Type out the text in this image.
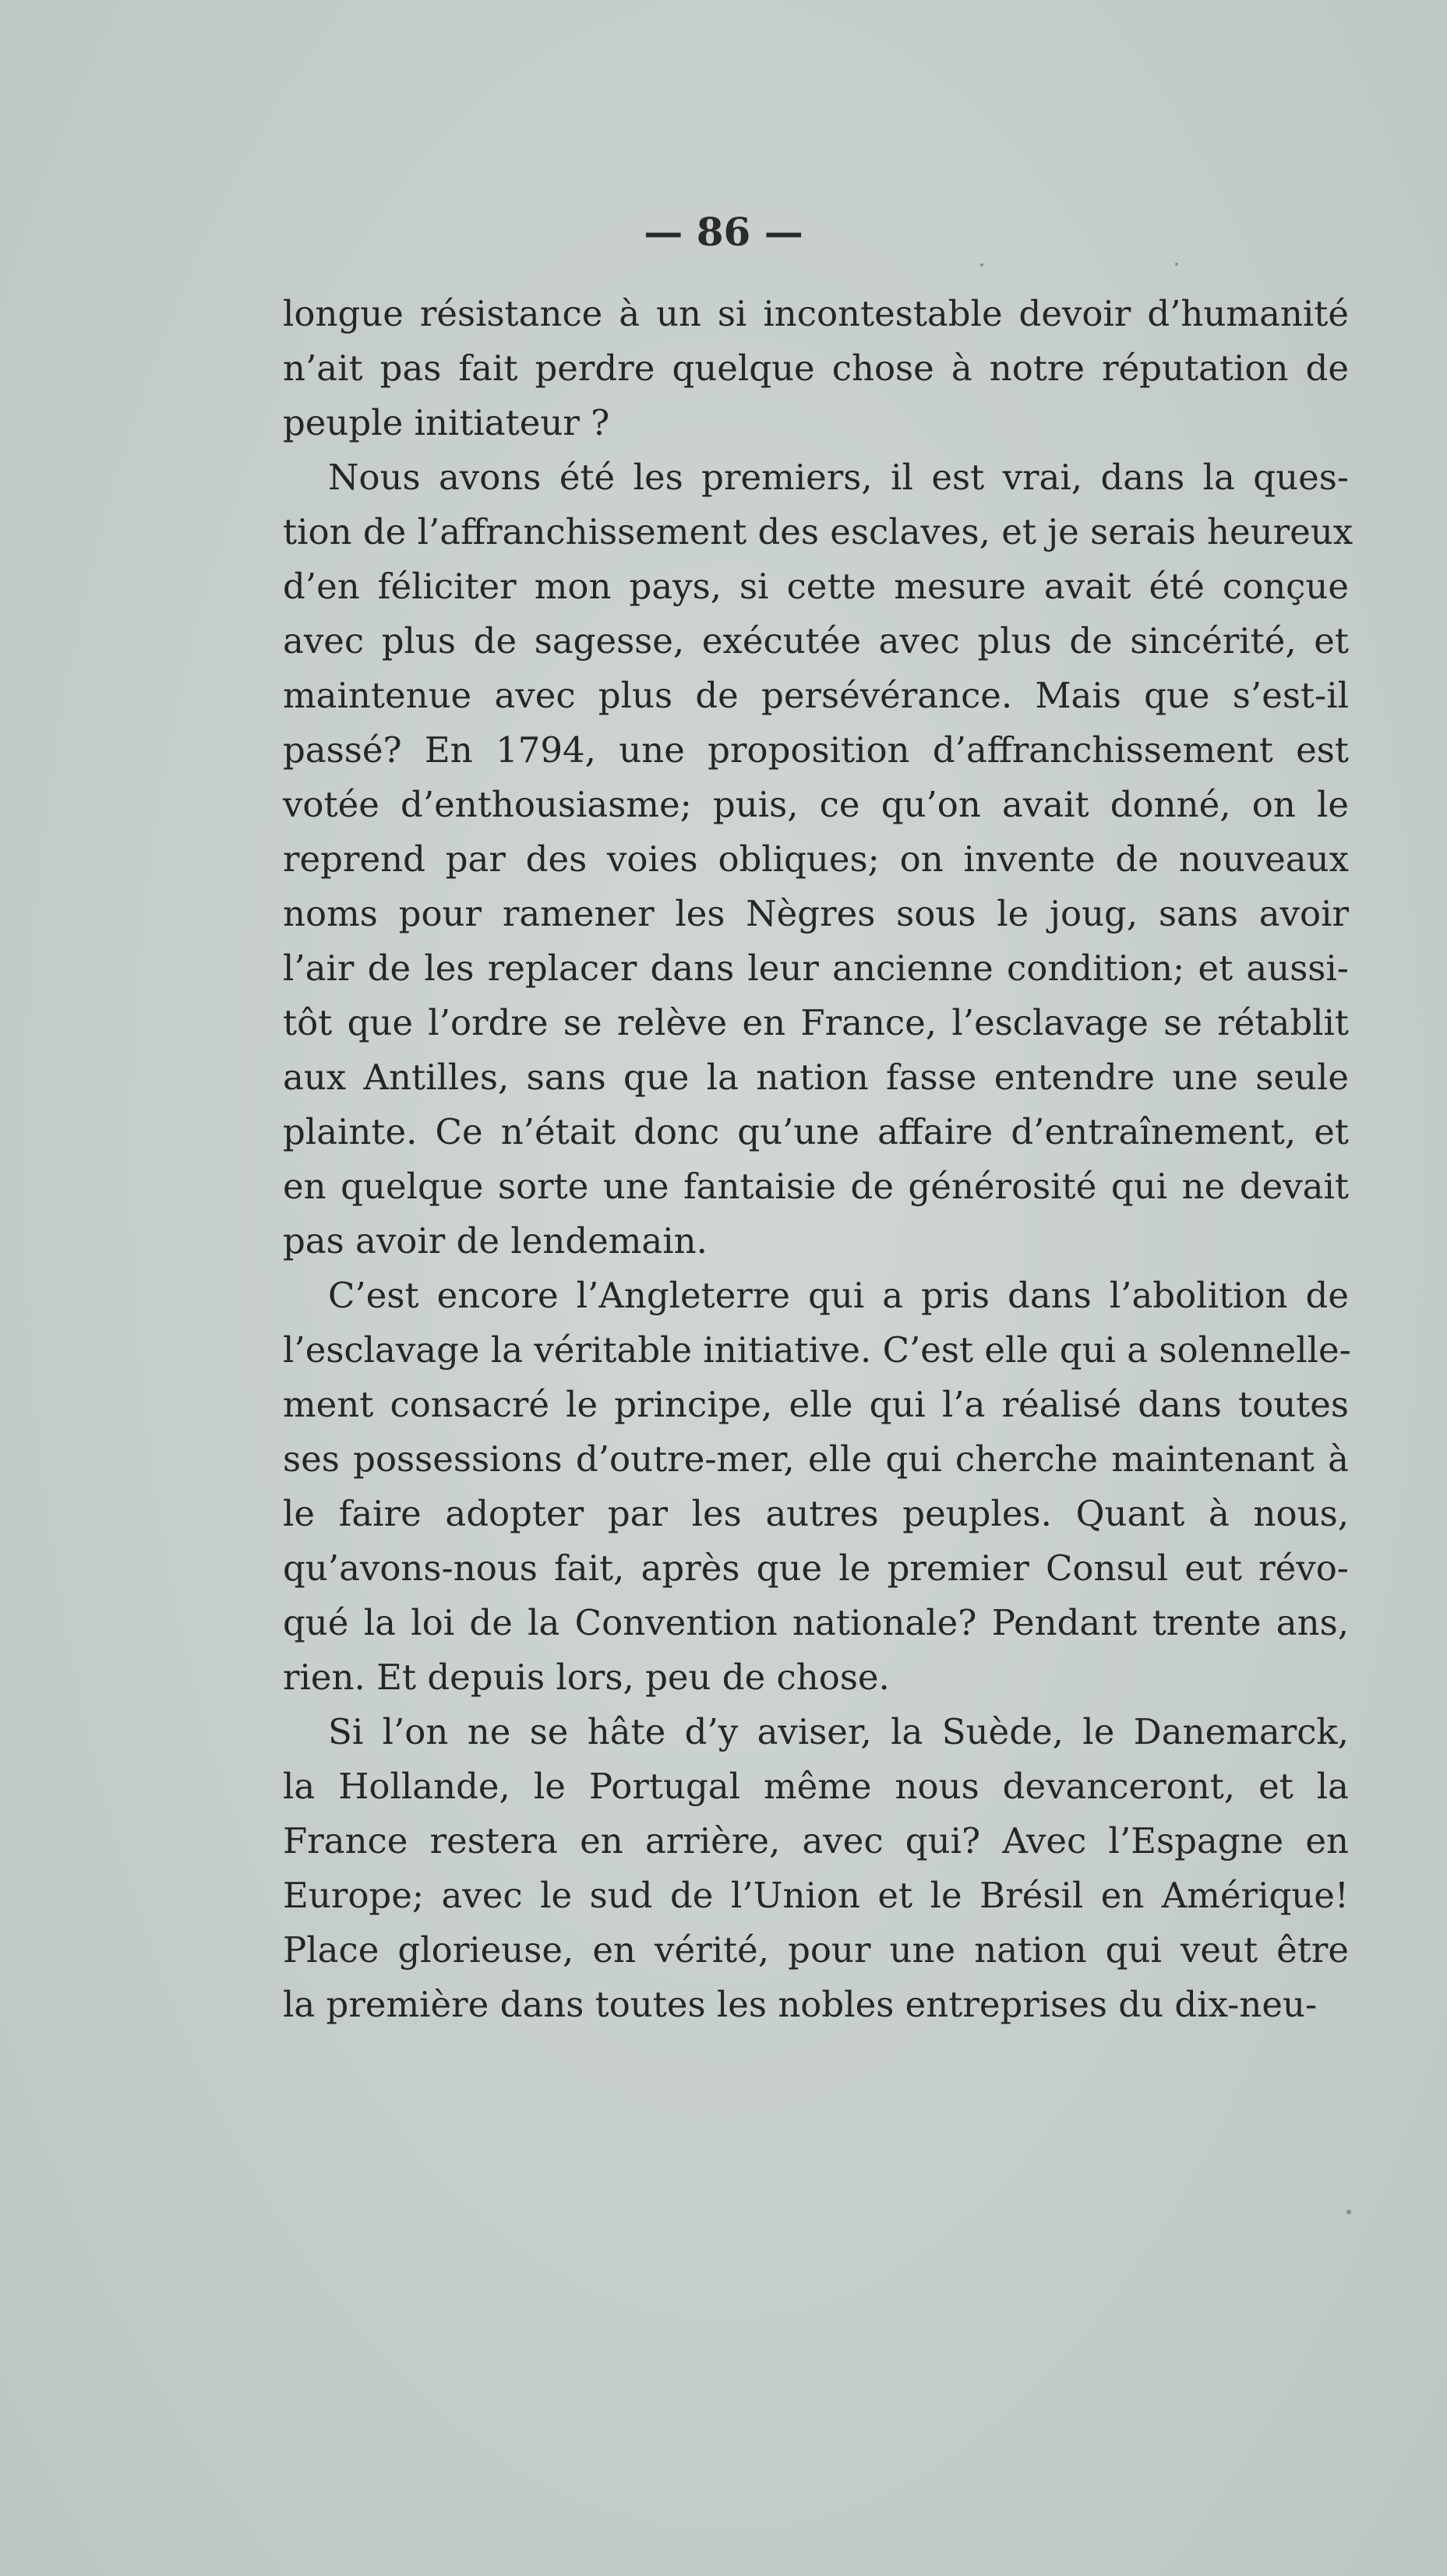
— 86 —
longue résistance à un si incontestable devoir d’humanité
n’ait pas fait perdre quelque chose à notre réputation de
peuple initiateur ?
Nous avons été les premiers, il est vrai, dans la ques-
tion de l’affranchissement des esclaves, et je serais heureux
d’en féliciter mon pays, si cette mesure avait été conçue
avec plus de sagesse, exécutée avec plus de sincérité, et
maintenue avec plus de persévérance. Mais que s’est-il
passé? En 1794, une proposition d’affranchissement est
votée d’enthousiasme; puis, ce qu’on avait donné, on le
reprend par des voies obliques; on invente de nouveaux
noms pour ramener les Nègres sous le joug, sans avoir
l’air de les replacer dans leur ancienne condition; et aussi-
tôt que l’ordre se relève en France, l’esclavage se rétablit
aux Antilles, sans que la nation fasse entendre une seule
plainte. Ce n’était donc qu’une affaire d’entraînement, et
en quelque sorte une fantaisie de générosité qui ne devait
pas avoir de lendemain.
C’est encore l’Angleterre qui a pris dans l’abolition de
l’esclavage la véritable initiative. C’est elle qui a solennelle-
ment consacré le principe, elle qui l’a réalisé dans toutes
ses possessions d’outre-mer, elle qui cherche maintenant à
le faire adopter par les autres peuples. Quant à nous,
qu’avons-nous fait, après que le premier Consul eut révo-
qué la loi de la Convention nationale? Pendant trente ans,
rien. Et depuis lors, peu de chose.
Si l’on ne se hâte d’y aviser, la Suède, le Danemarck,
la Hollande, le Portugal même nous devanceront, et la
France restera en arrière, avec qui? Avec l’Espagne en
Europe; avec le sud de l’Union et le Brésil en Amérique!
Place glorieuse, en vérité, pour une nation qui veut être
la première dans toutes les nobles entreprises du dix-neu-
